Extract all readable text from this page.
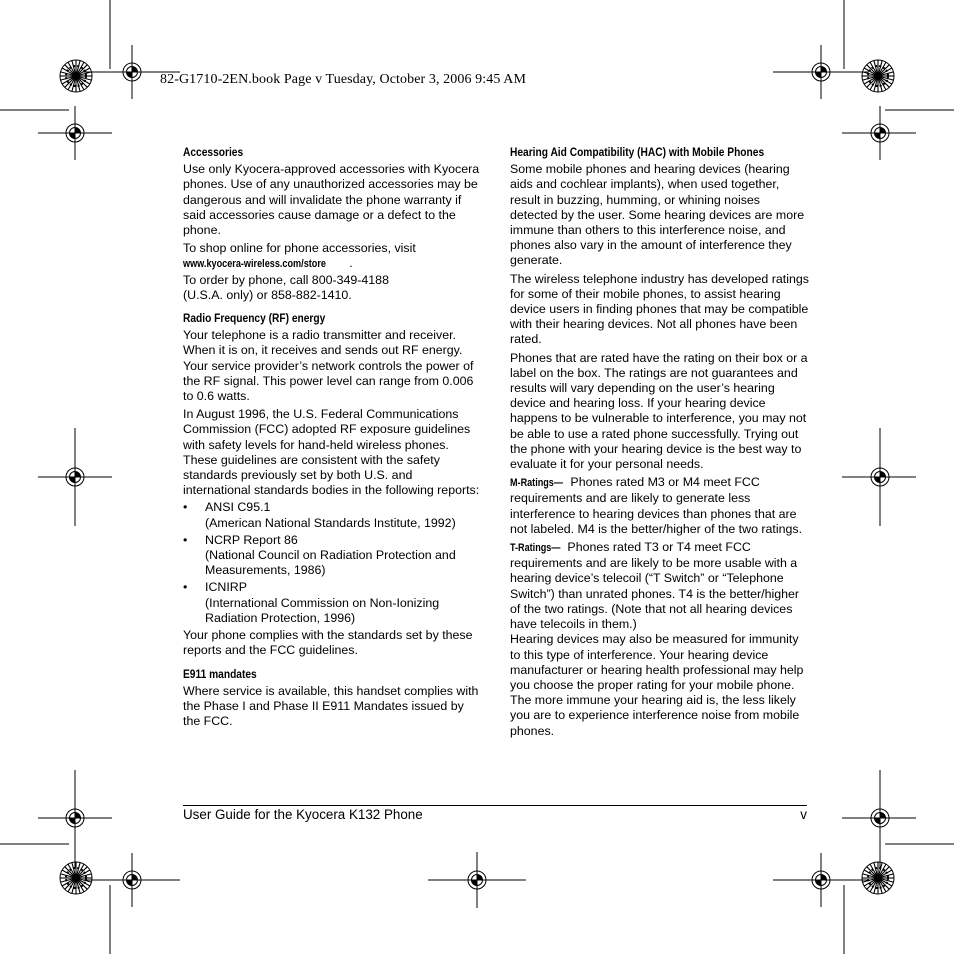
82-G1710-2EN.book Page v Tuesday, October 3, 2006 9:45 AM
Accessories

Use only Kyocera-approved accessories with Kyocera phones. Use of any unauthorized accessories may be dangerous and will invalidate the phone warranty if said accessories cause damage or a defect to the phone.

To shop online for phone accessories, visit

www.kyocera-wireless.com/store .

To order by phone, call 800-349-4188

(U.S.A. only) or 858-882-1410.

Radio Frequency (RF) energy

Your telephone is a radio transmitter and receiver. When it is on, it receives and sends out RF energy. Your service provider’s network controls the power of the RF signal. This power level can range from 0.006 to 0.6 watts.

In August 1996, the U.S. Federal Communications Commission (FCC) adopted RF exposure guidelines with safety levels for hand-held wireless phones. These guidelines are consistent with the safety standards previously set by both U.S. and international standards bodies in the following reports:

• ANSI C95.1
(American National Standards Institute, 1992)
• NCRP Report 86
(National Council on Radiation Protection and Measurements, 1986)
• ICNIRP
(International Commission on Non-Ionizing Radiation Protection, 1996)

Your phone complies with the standards set by these reports and the FCC guidelines.

E911 mandates

Where service is available, this handset complies with the Phase I and Phase II E911 Mandates issued by the FCC.

Hearing Aid Compatibility (HAC) with Mobile Phones

Some mobile phones and hearing devices (hearing aids and cochlear implants), when used together, result in buzzing, humming, or whining noises detected by the user. Some hearing devices are more immune than others to this interference noise, and phones also vary in the amount of interference they generate.

The wireless telephone industry has developed ratings for some of their mobile phones, to assist hearing device users in finding phones that may be compatible with their hearing devices. Not all phones have been rated.

Phones that are rated have the rating on their box or a label on the box. The ratings are not guarantees and results will vary depending on the user’s hearing device and hearing loss. If your hearing device happens to be vulnerable to interference, you may not be able to use a rated phone successfully. Trying out the phone with your hearing device is the best way to evaluate it for your personal needs.

M-Ratings— Phones rated M3 or M4 meet FCC requirements and are likely to generate less interference to hearing devices than phones that are not labeled. M4 is the better/higher of the two ratings.

T-Ratings— Phones rated T3 or T4 meet FCC requirements and are likely to be more usable with a hearing device’s telecoil (“T Switch” or “Telephone Switch”) than unrated phones. T4 is the better/higher of the two ratings. (Note that not all hearing devices have telecoils in them.)

Hearing devices may also be measured for immunity to this type of interference. Your hearing device manufacturer or hearing health professional may help you choose the proper rating for your mobile phone. The more immune your hearing aid is, the less likely you are to experience interference noise from mobile phones.

User Guide for the Kyocera K132 Phone	v
